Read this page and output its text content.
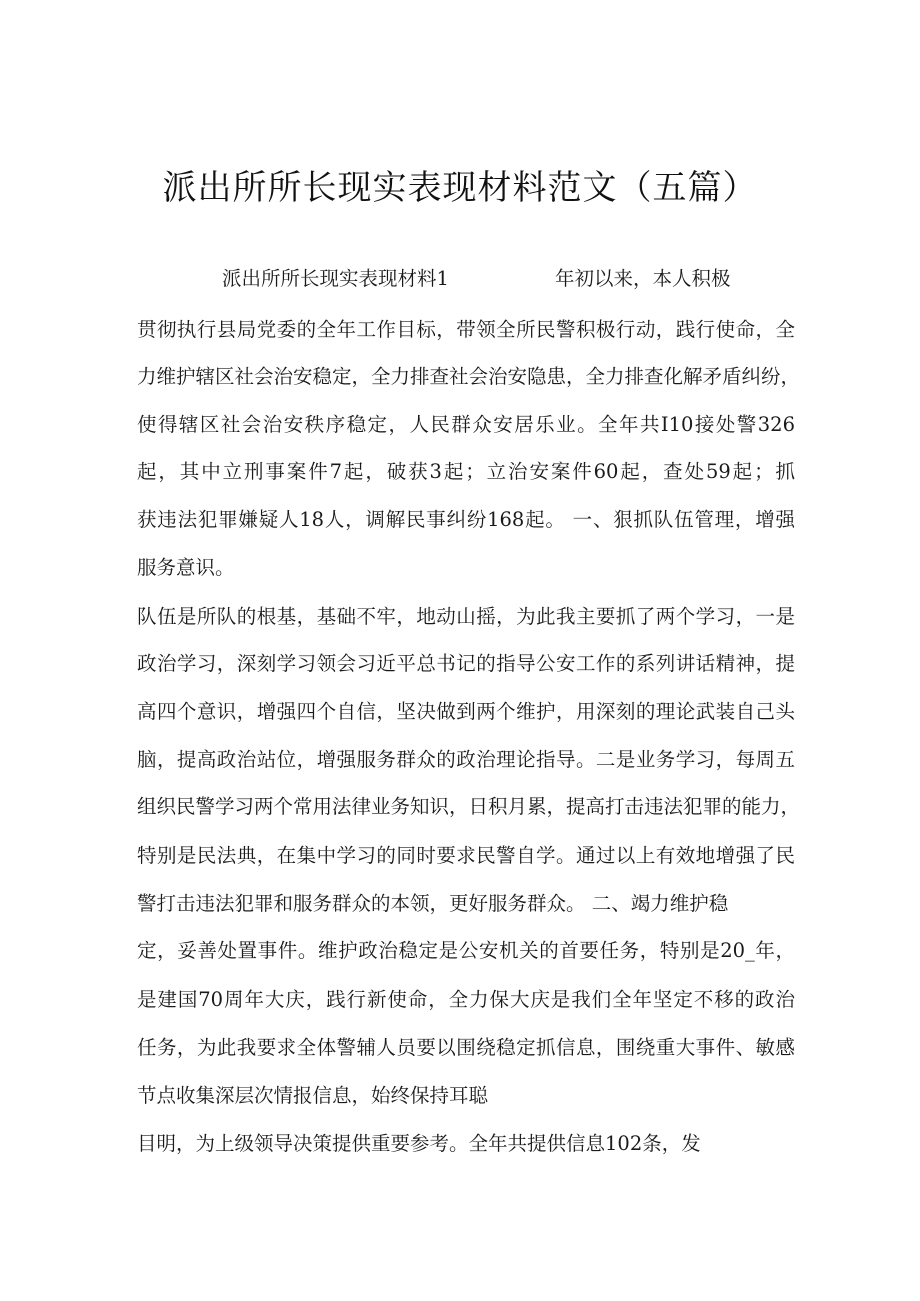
派出所所长现实表现材料范文（五篇）
派出所所长现实表现材料1	年初以来，本人积极
贯彻执行县局党委的全年工作目标，带领全所民警积极行动，践行使命，全
力维护辖区社会治安稳定，全力排查社会治安隐患，全力排查化解矛盾纠纷，
使得辖区社会治安秩序稳定，人民群众安居乐业。全年共I10接处警326
起，其中立刑事案件7起，破获3起；立治安案件60起，查处59起；抓
获违法犯罪嫌疑人18人，调解民事纠纷168起。 一、狠抓队伍管理，增强
服务意识。
队伍是所队的根基，基础不牢，地动山摇，为此我主要抓了两个学习，一是
政治学习，深刻学习领会习近平总书记的指导公安工作的系列讲话精神，提
高四个意识，增强四个自信，坚决做到两个维护，用深刻的理论武装自己头
脑，提高政治站位，增强服务群众的政治理论指导。二是业务学习，每周五
组织民警学习两个常用法律业务知识，日积月累，提高打击违法犯罪的能力，
特别是民法典，在集中学习的同时要求民警自学。通过以上有效地增强了民
警打击违法犯罪和服务群众的本领，更好服务群众。 二、竭力维护稳
定，妥善处置事件。维护政治稳定是公安机关的首要任务，特别是20_年，
是建国70周年大庆，践行新使命，全力保大庆是我们全年坚定不移的政治
任务，为此我要求全体警辅人员要以围绕稳定抓信息，围绕重大事件、敏感
节点收集深层次情报信息，始终保持耳聪
目明，为上级领导决策提供重要参考。全年共提供信息102条，发
